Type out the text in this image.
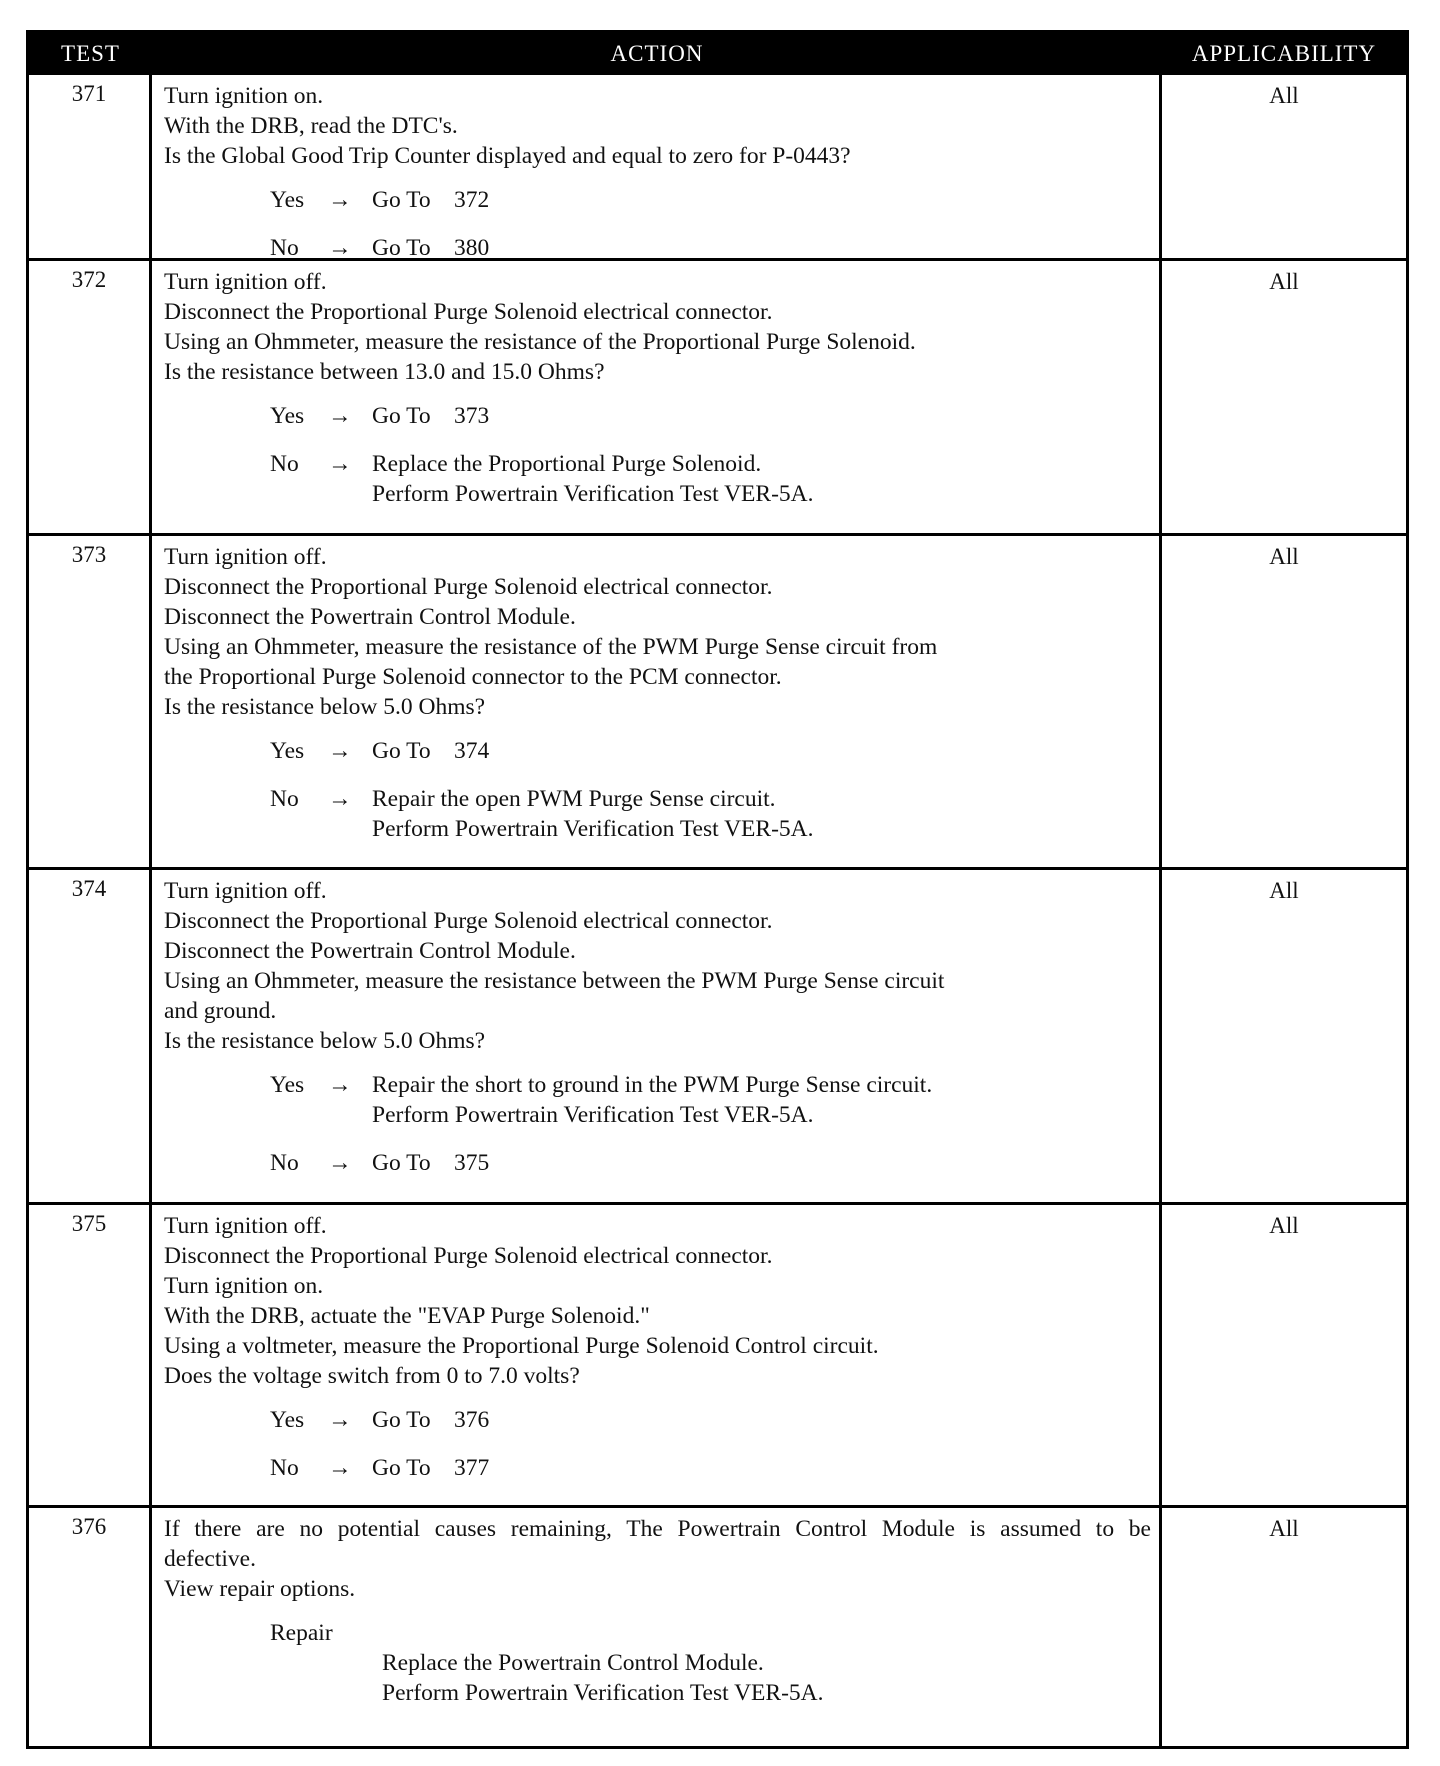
TEST	ACTION	APPLICABILITY
371	Turn ignition on.
With the DRB, read the DTC's.
Is the Global Good Trip Counter displayed and equal to zero for P-0443?
Yes	→ Go To 372
No	→ Go To 380
All
372	Turn ignition off.
Disconnect the Proportional Purge Solenoid electrical connector.
Using an Ohmmeter, measure the resistance of the Proportional Purge Solenoid.
Is the resistance between 13.0 and 15.0 Ohms?
Yes	→ Go To 373
No	→ Replace the Proportional Purge Solenoid.
Perform Powertrain Verification Test VER-5A.
All
373	Turn ignition off.
Disconnect the Proportional Purge Solenoid electrical connector.
Disconnect the Powertrain Control Module.
Using an Ohmmeter, measure the resistance of the PWM Purge Sense circuit from
the Proportional Purge Solenoid connector to the PCM connector.
Is the resistance below 5.0 Ohms?
Yes	→ Go To 374
No	→ Repair the open PWM Purge Sense circuit.
Perform Powertrain Verification Test VER-5A.
All
374	Turn ignition off.
Disconnect the Proportional Purge Solenoid electrical connector.
Disconnect the Powertrain Control Module.
Using an Ohmmeter, measure the resistance between the PWM Purge Sense circuit
and ground.
Is the resistance below 5.0 Ohms?
Yes	→ Repair the short to ground in the PWM Purge Sense circuit.
Perform Powertrain Verification Test VER-5A.
No	→ Go To 375
All
375	Turn ignition off.
Disconnect the Proportional Purge Solenoid electrical connector.
Turn ignition on.
With the DRB, actuate the "EVAP Purge Solenoid."
Using a voltmeter, measure the Proportional Purge Solenoid Control circuit.
Does the voltage switch from 0 to 7.0 volts?
Yes	→ Go To 376
No	→ Go To 377
All
376	If there are no potential causes remaining, The Powertrain Control Module is assumed to be defective.
View repair options.
Repair
Replace the Powertrain Control Module.
Perform Powertrain Verification Test VER-5A.
All
